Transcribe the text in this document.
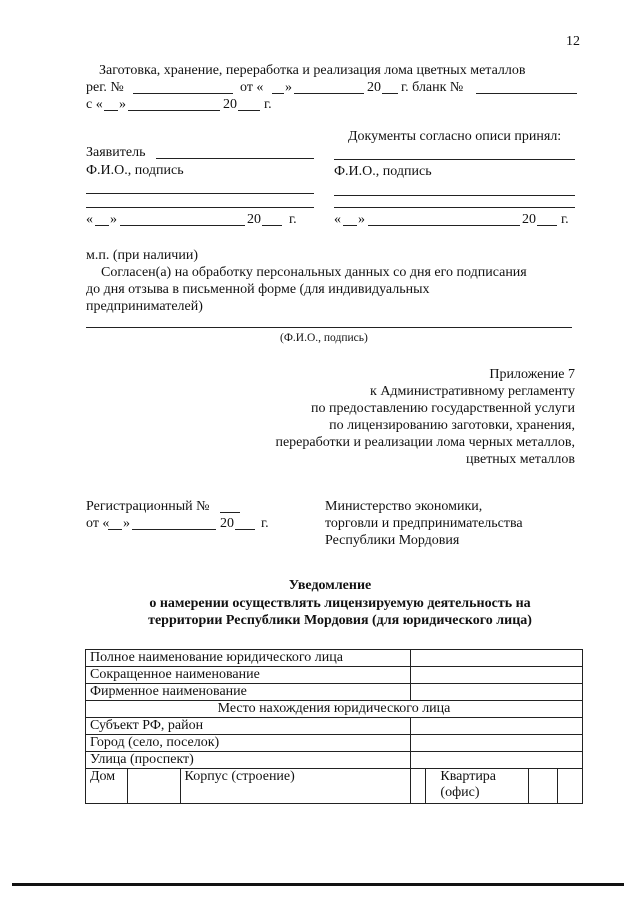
12
Заготовка, хранение, переработка и реализация лома цветных металлов
рег. №	от « »	20 г. бланк №
с « »	20 г.
Документы согласно описи принял:
Ф.И.О., подпись
« »	20 г.
Заявитель
Ф.И.О., подпись
« »	20 г.
м.п. (при наличии)
Согласен(а) на обработку персональных данных со дня его подписания
до дня отзыва в письменной форме (для индивидуальных
предпринимателей)
(Ф.И.О., подпись)
Приложение 7
к Административному регламенту
по предоставлению государственной услуги
по лицензированию заготовки, хранения,
переработки и реализации лома черных металлов,
цветных металлов
Регистрационный №
от « »	20 г.
Министерство экономики,
торговли и предпринимательства
Республики Мордовия
Уведомление
о намерении осуществлять лицензируемую деятельность на
территории Республики Мордовия (для юридического лица)
Полное наименование юридического лица						
Сокращенное наименование						
Фирменное наименование						
Место нахождения юридического лица						
Субъект РФ, район						
Город (село, поселок)						
Улица (проспект)						
Дом		Корпус (строение)		Квартира (офис)		
